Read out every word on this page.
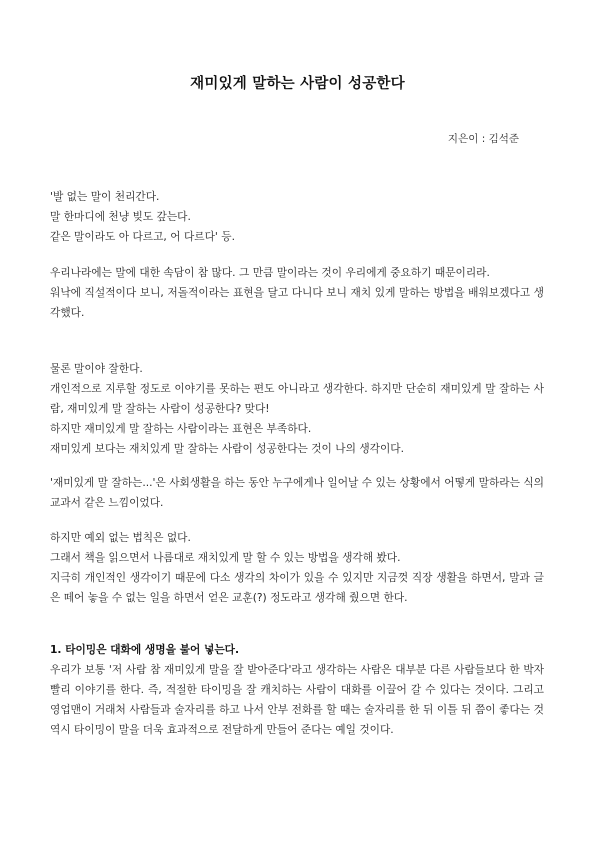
재미있게 말하는 사람이 성공한다
지은이 : 김석준

'발 없는 말이 천리간다.

말 한마디에 천냥 빚도 갚는다.

같은 말이라도 아 다르고, 어 다르다' 등.

우리나라에는 말에 대한 속담이 참 많다. 그 만큼 말이라는 것이 우리에게 중요하기 때문이리라.

워낙에 직설적이다 보니, 저돌적이라는 표현을 달고 다니다 보니 재치 있게 말하는 방법을 배워보겠다고 생각했다.

물론 말이야 잘한다.

개인적으로 지루할 정도로 이야기를 못하는 편도 아니라고 생각한다. 하지만 단순히 재미있게 말 잘하는 사람, 재미있게 말 잘하는 사람이 성공한다? 맞다!

하지만 재미있게 말 잘하는 사람이라는 표현은 부족하다.

재미있게 보다는 재치있게 말 잘하는 사람이 성공한다는 것이 나의 생각이다.

'재미있게 말 잘하는...'은 사회생활을 하는 동안 누구에게나 일어날 수 있는 상황에서 어떻게 말하라는 식의 교과서 같은 느낌이었다.

하지만 예외 없는 법칙은 없다.

그래서 책을 읽으면서 나름대로 재치있게 말 할 수 있는 방법을 생각해 봤다.

지극히 개인적인 생각이기 때문에 다소 생각의 차이가 있을 수 있지만 지금껏 직장 생활을 하면서, 말과 글은 떼어 놓을 수 없는 일을 하면서 얻은 교훈(?) 정도라고 생각해 줬으면 한다.

1. 타이밍은 대화에 생명을 불어 넣는다.

우리가 보통 '저 사람 참 재미있게 말을 잘 받아준다'라고 생각하는 사람은 대부분 다른 사람들보다 한 박자 빨리 이야기를 한다. 즉, 적절한 타이밍을 잘 캐치하는 사람이 대화를 이끌어 갈 수 있다는 것이다. 그리고 영업맨이 거래처 사람들과 술자리를 하고 나서 안부 전화를 할 때는 술자리를 한 뒤 이틀 뒤 쯤이 좋다는 것 역시 타이밍이 말을 더욱 효과적으로 전달하게 만들어 준다는 예일 것이다.
